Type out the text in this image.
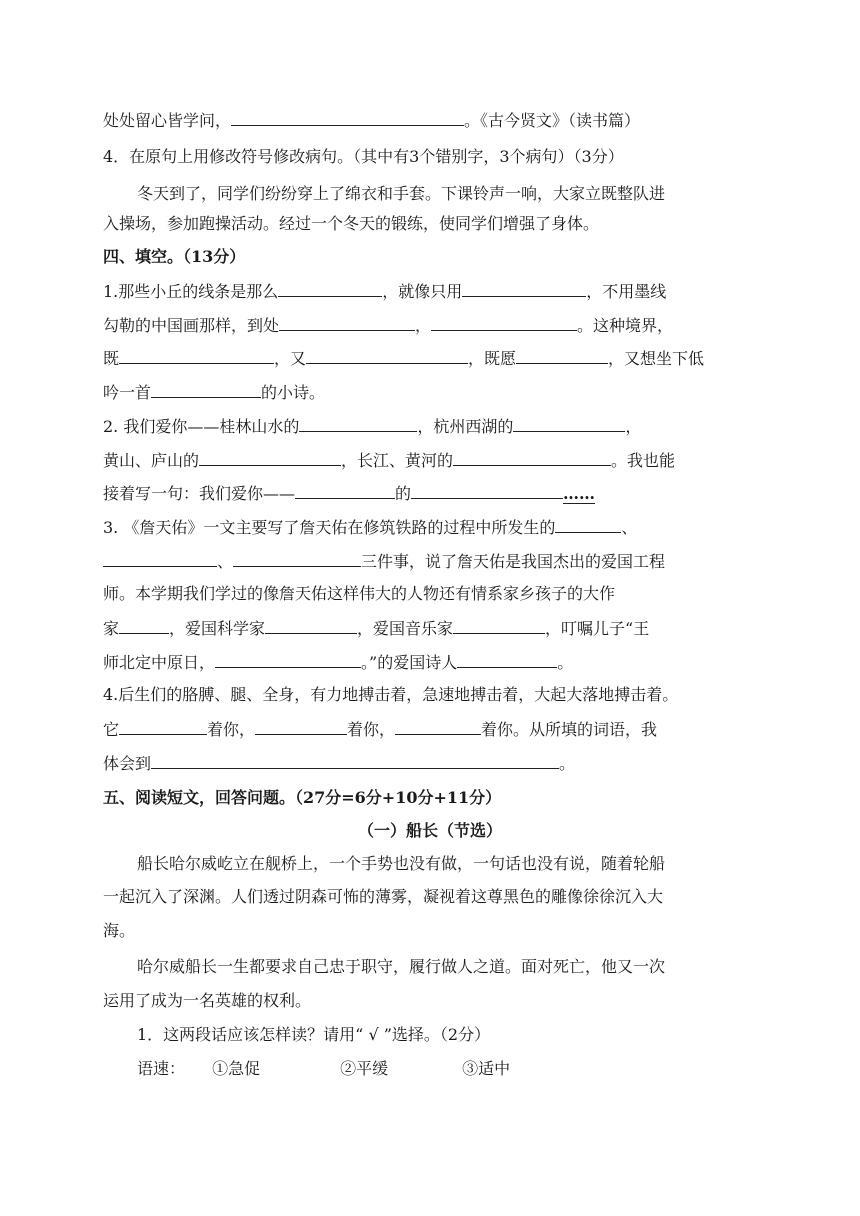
处处留心皆学问，	。《古今贤文》（读书篇）
4．在原句上用修改符号修改病句。（其中有3个错别字，3个病句）（3分）
冬天到了，同学们纷纷穿上了绵衣和手套。下课铃声一响，大家立既整队进
入操场，参加跑操活动。经过一个冬天的锻练，使同学们增强了身体。
四、填空。（13分）
1.那些小丘的线条是那么	，就像只用	，不用墨线
勾勒的中国画那样，到处	，	。这种境界，
既	，又	，既愿	，又想坐下低
吟一首	的小诗。
2. 我们爱你——桂林山水的	，杭州西湖的	，
黄山、庐山的	，长江、黄河的	。我也能
接着写一句：我们爱你——	的	……
3. 《詹天佑》一文主要写了詹天佑在修筑铁路的过程中所发生的	、
、	三件事，说了詹天佑是我国杰出的爱国工程
师。本学期我们学过的像詹天佑这样伟大的人物还有情系家乡孩子的大作
家	，爱国科学家	，爱国音乐家	，叮嘱儿子“王
师北定中原日，	。”的爱国诗人	。
4.后生们的胳膊、腿、全身，有力地搏击着，急速地搏击着，大起大落地搏击着。
它	着你，	着你，	着你。从所填的词语，我
体会到	。
五、阅读短文，回答问题。（27分=6分+10分+11分）
（一）船长（节选）
船长哈尔威屹立在舰桥上，一个手势也没有做，一句话也没有说，随着轮船
一起沉入了深渊。人们透过阴森可怖的薄雾，凝视着这尊黑色的雕像徐徐沉入大
海。
哈尔威船长一生都要求自己忠于职守，履行做人之道。面对死亡，他又一次
运用了成为一名英雄的权利。
1．这两段话应该怎样读？请用“ √ ”选择。（2分）
语速： ①急促	②平缓	③适中
